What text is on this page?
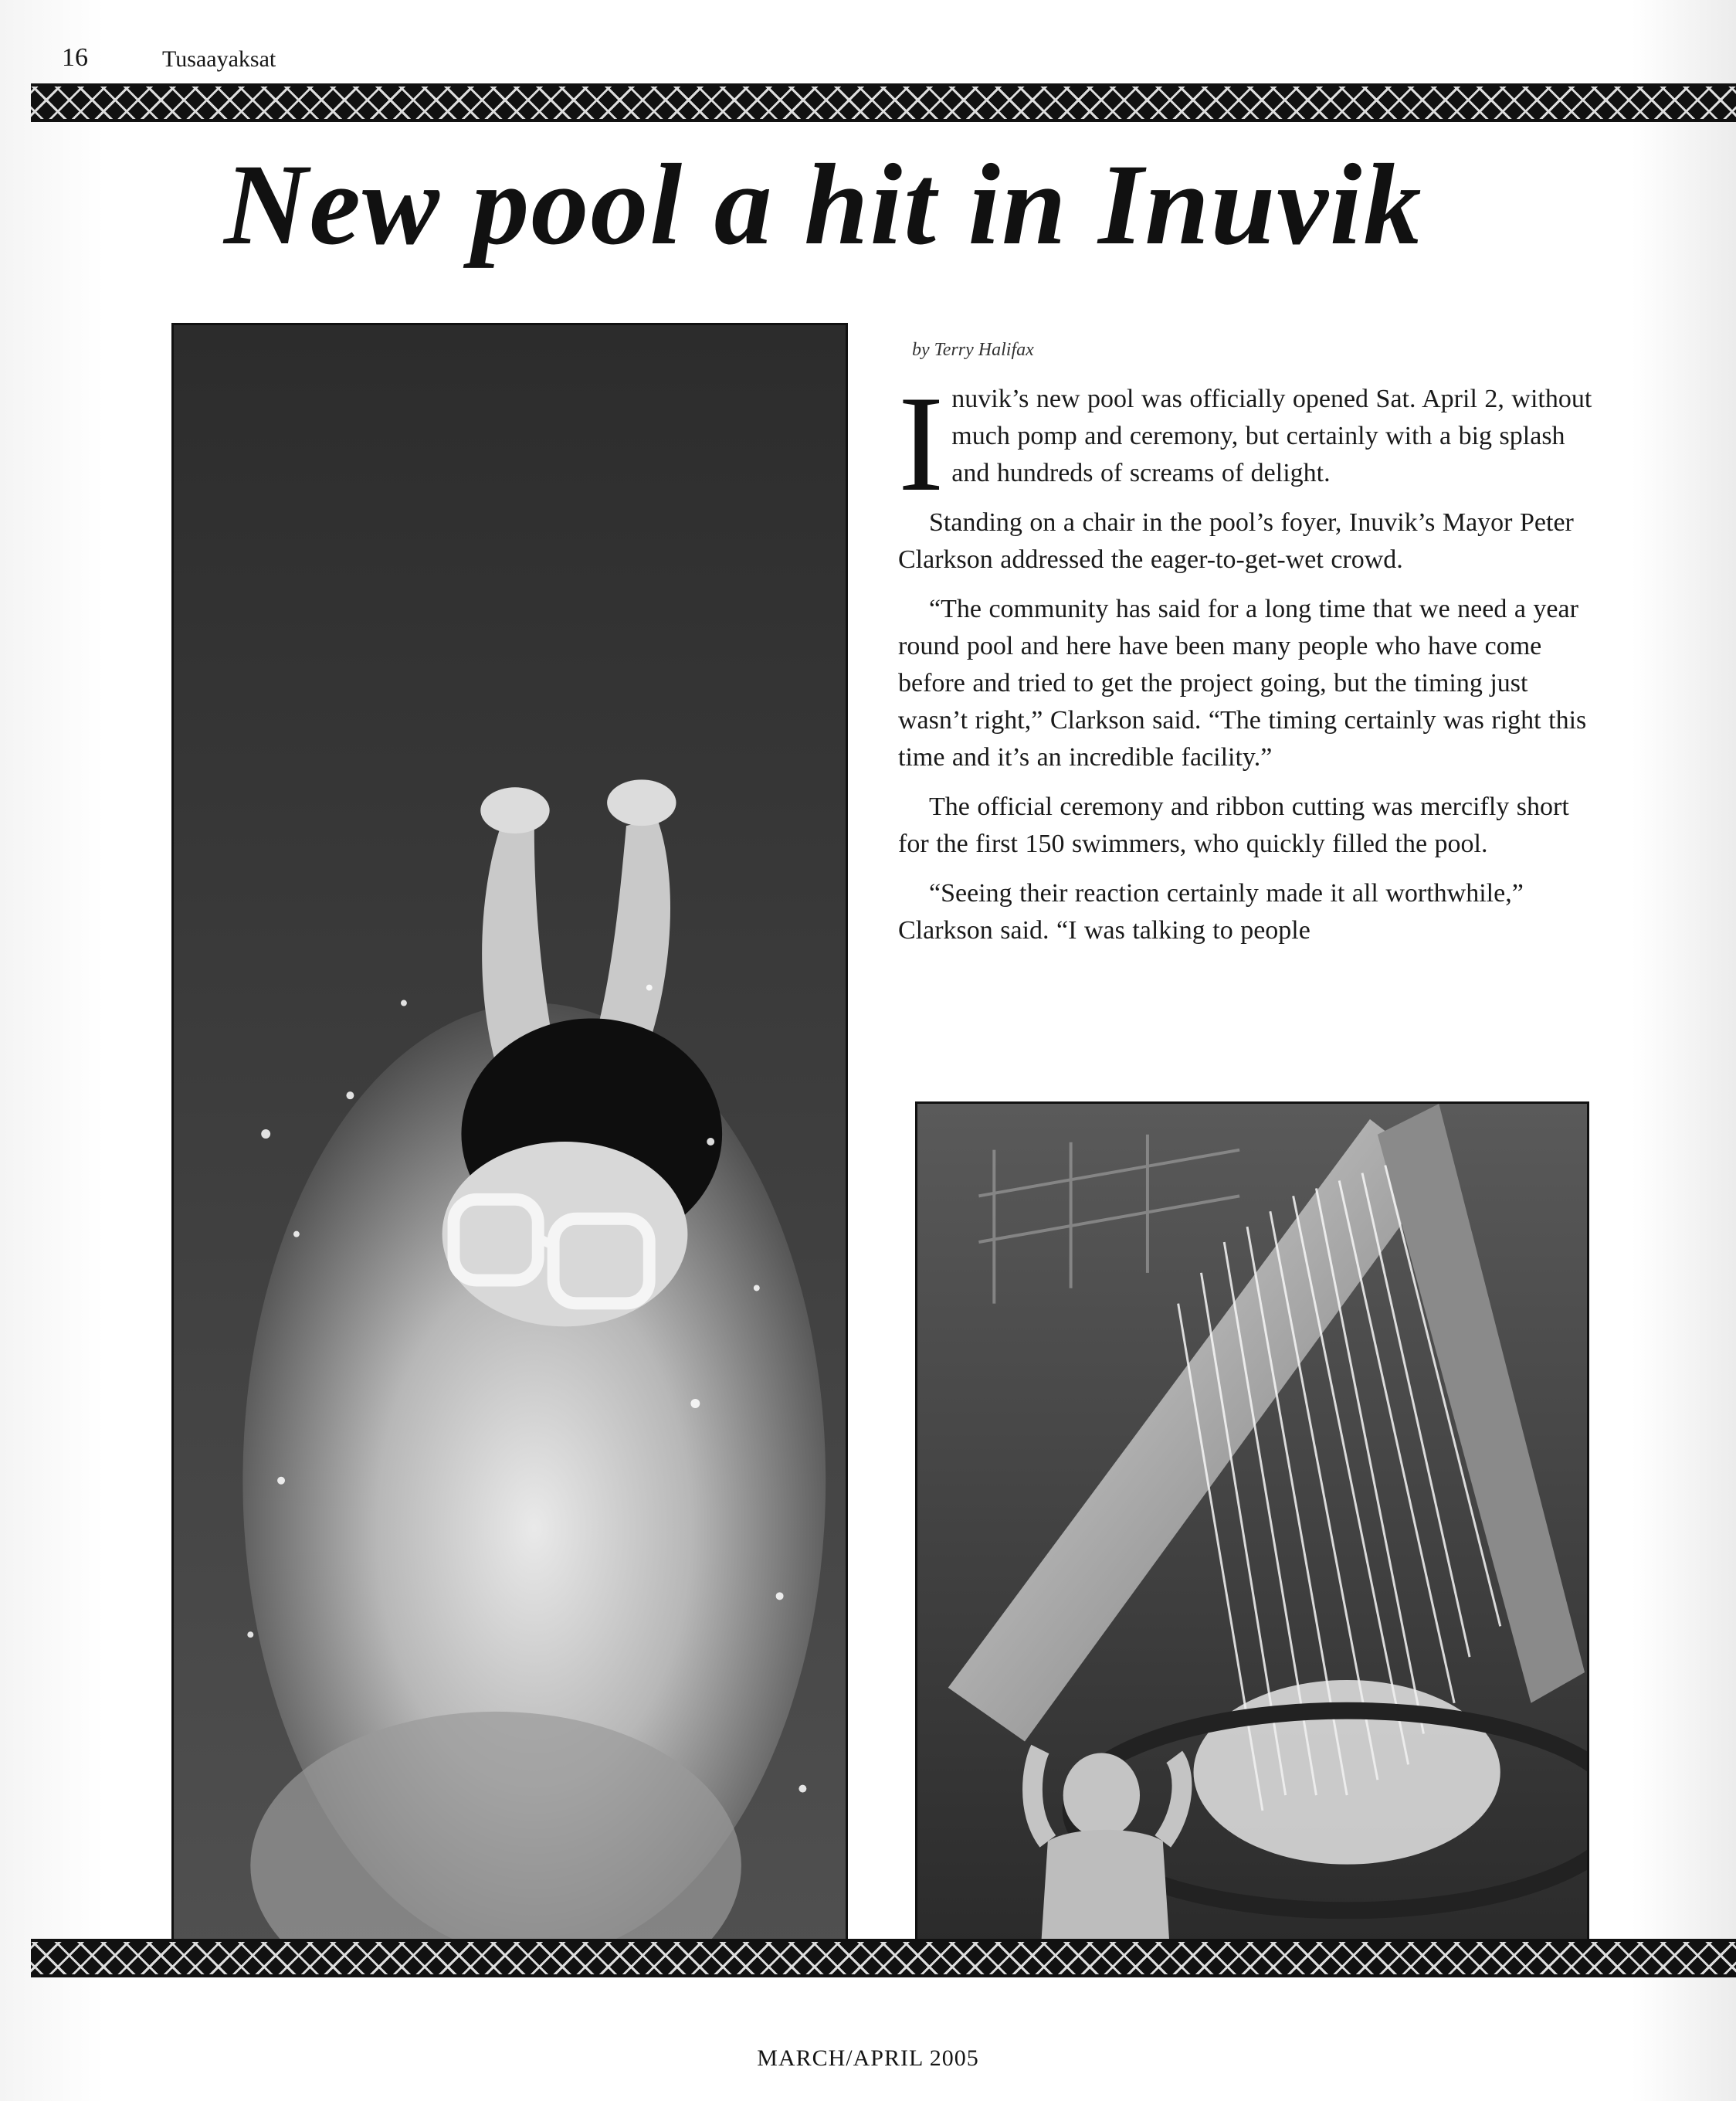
16	Tusaayaksat
New pool a hit in Inuvik
by Terry Halifax

Inuvik’s new pool was officially opened Sat. April 2, without much pomp and ceremony, but certainly with a big splash and hundreds of screams of delight.

Standing on a chair in the pool’s foyer, Inuvik’s Mayor Peter Clarkson addressed the eager-to-get-wet crowd.

“The community has said for a long time that we need a year round pool and here have been many people who have come before and tried to get the project going, but the timing just wasn’t right,” Clarkson said. “The timing certainly was right this time and it’s an incredible facility.”

The official ceremony and ribbon cutting was mercifly short for the first 150 swimmers, who quickly filled the pool.

“Seeing their reaction certainly made it all worthwhile,” Clarkson said. “I was talking to people

MARCH/APRIL 2005
